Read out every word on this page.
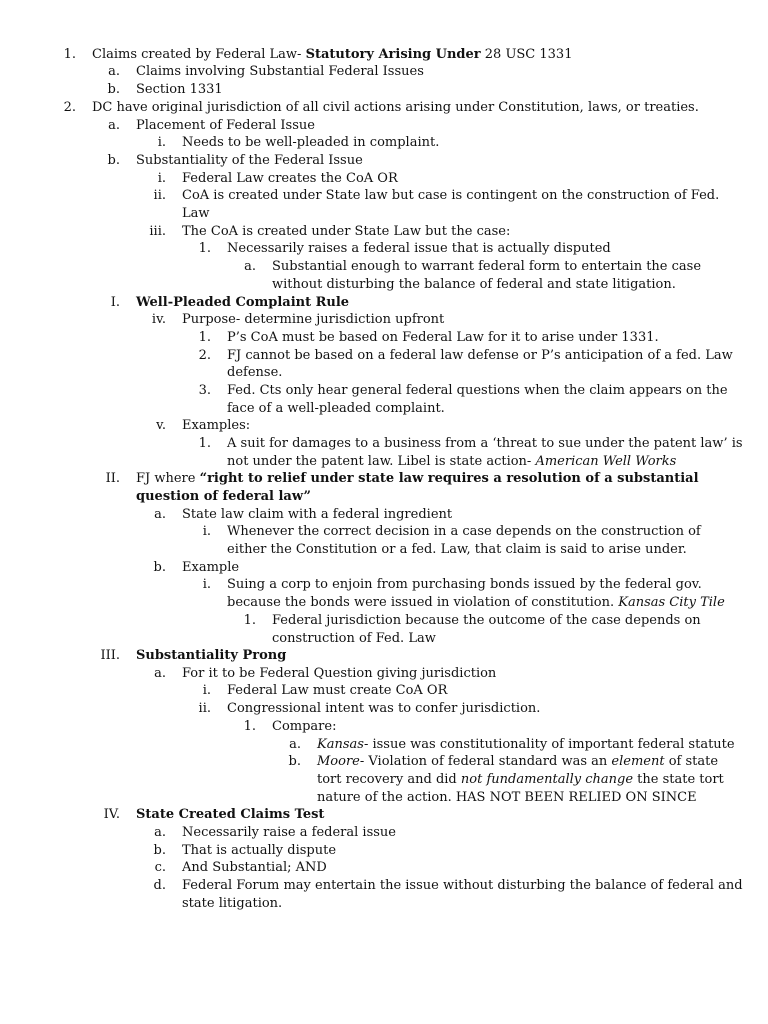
1. Claims created by Federal Law- Statutory Arising Under 28 USC 1331
a. Claims involving Substantial Federal Issues
b. Section 1331
2. DC have original jurisdiction of all civil actions arising under Constitution, laws, or treaties.
a. Placement of Federal Issue
i. Needs to be well-pleaded in complaint.
b. Substantiality of the Federal Issue
i. Federal Law creates the CoA OR
ii. CoA is created under State law but case is contingent on the construction of Fed.
Law
iii. The CoA is created under State Law but the case:
1. Necessarily raises a federal issue that is actually disputed
a. Substantial enough to warrant federal form to entertain the case
without disturbing the balance of federal and state litigation.
I. Well-Pleaded Complaint Rule
iv. Purpose- determine jurisdiction upfront
1. P’s CoA must be based on Federal Law for it to arise under 1331.
2. FJ cannot be based on a federal law defense or P’s anticipation of a fed. Law
defense.
3. Fed. Cts only hear general federal questions when the claim appears on the
face of a well-pleaded complaint.
v. Examples:
1. A suit for damages to a business from a ‘threat to sue under the patent law’ is
not under the patent law. Libel is state action- American Well Works
II. FJ where “right to relief under state law requires a resolution of a substantial
question of federal law”
a. State law claim with a federal ingredient
i. Whenever the correct decision in a case depends on the construction of
either the Constitution or a fed. Law, that claim is said to arise under.
b. Example
i. Suing a corp to enjoin from purchasing bonds issued by the federal gov.
because the bonds were issued in violation of constitution. Kansas City Tile
1. Federal jurisdiction because the outcome of the case depends on
construction of Fed. Law
III. Substantiality Prong
a. For it to be Federal Question giving jurisdiction
i. Federal Law must create CoA OR
ii. Congressional intent was to confer jurisdiction.
1. Compare:
a. Kansas- issue was constitutionality of important federal statute
b. Moore- Violation of federal standard was an element of state
tort recovery and did not fundamentally change the state tort
nature of the action. HAS NOT BEEN RELIED ON SINCE
IV. State Created Claims Test
a. Necessarily raise a federal issue
b. That is actually dispute
c. And Substantial; AND
d. Federal Forum may entertain the issue without disturbing the balance of federal and
state litigation.
